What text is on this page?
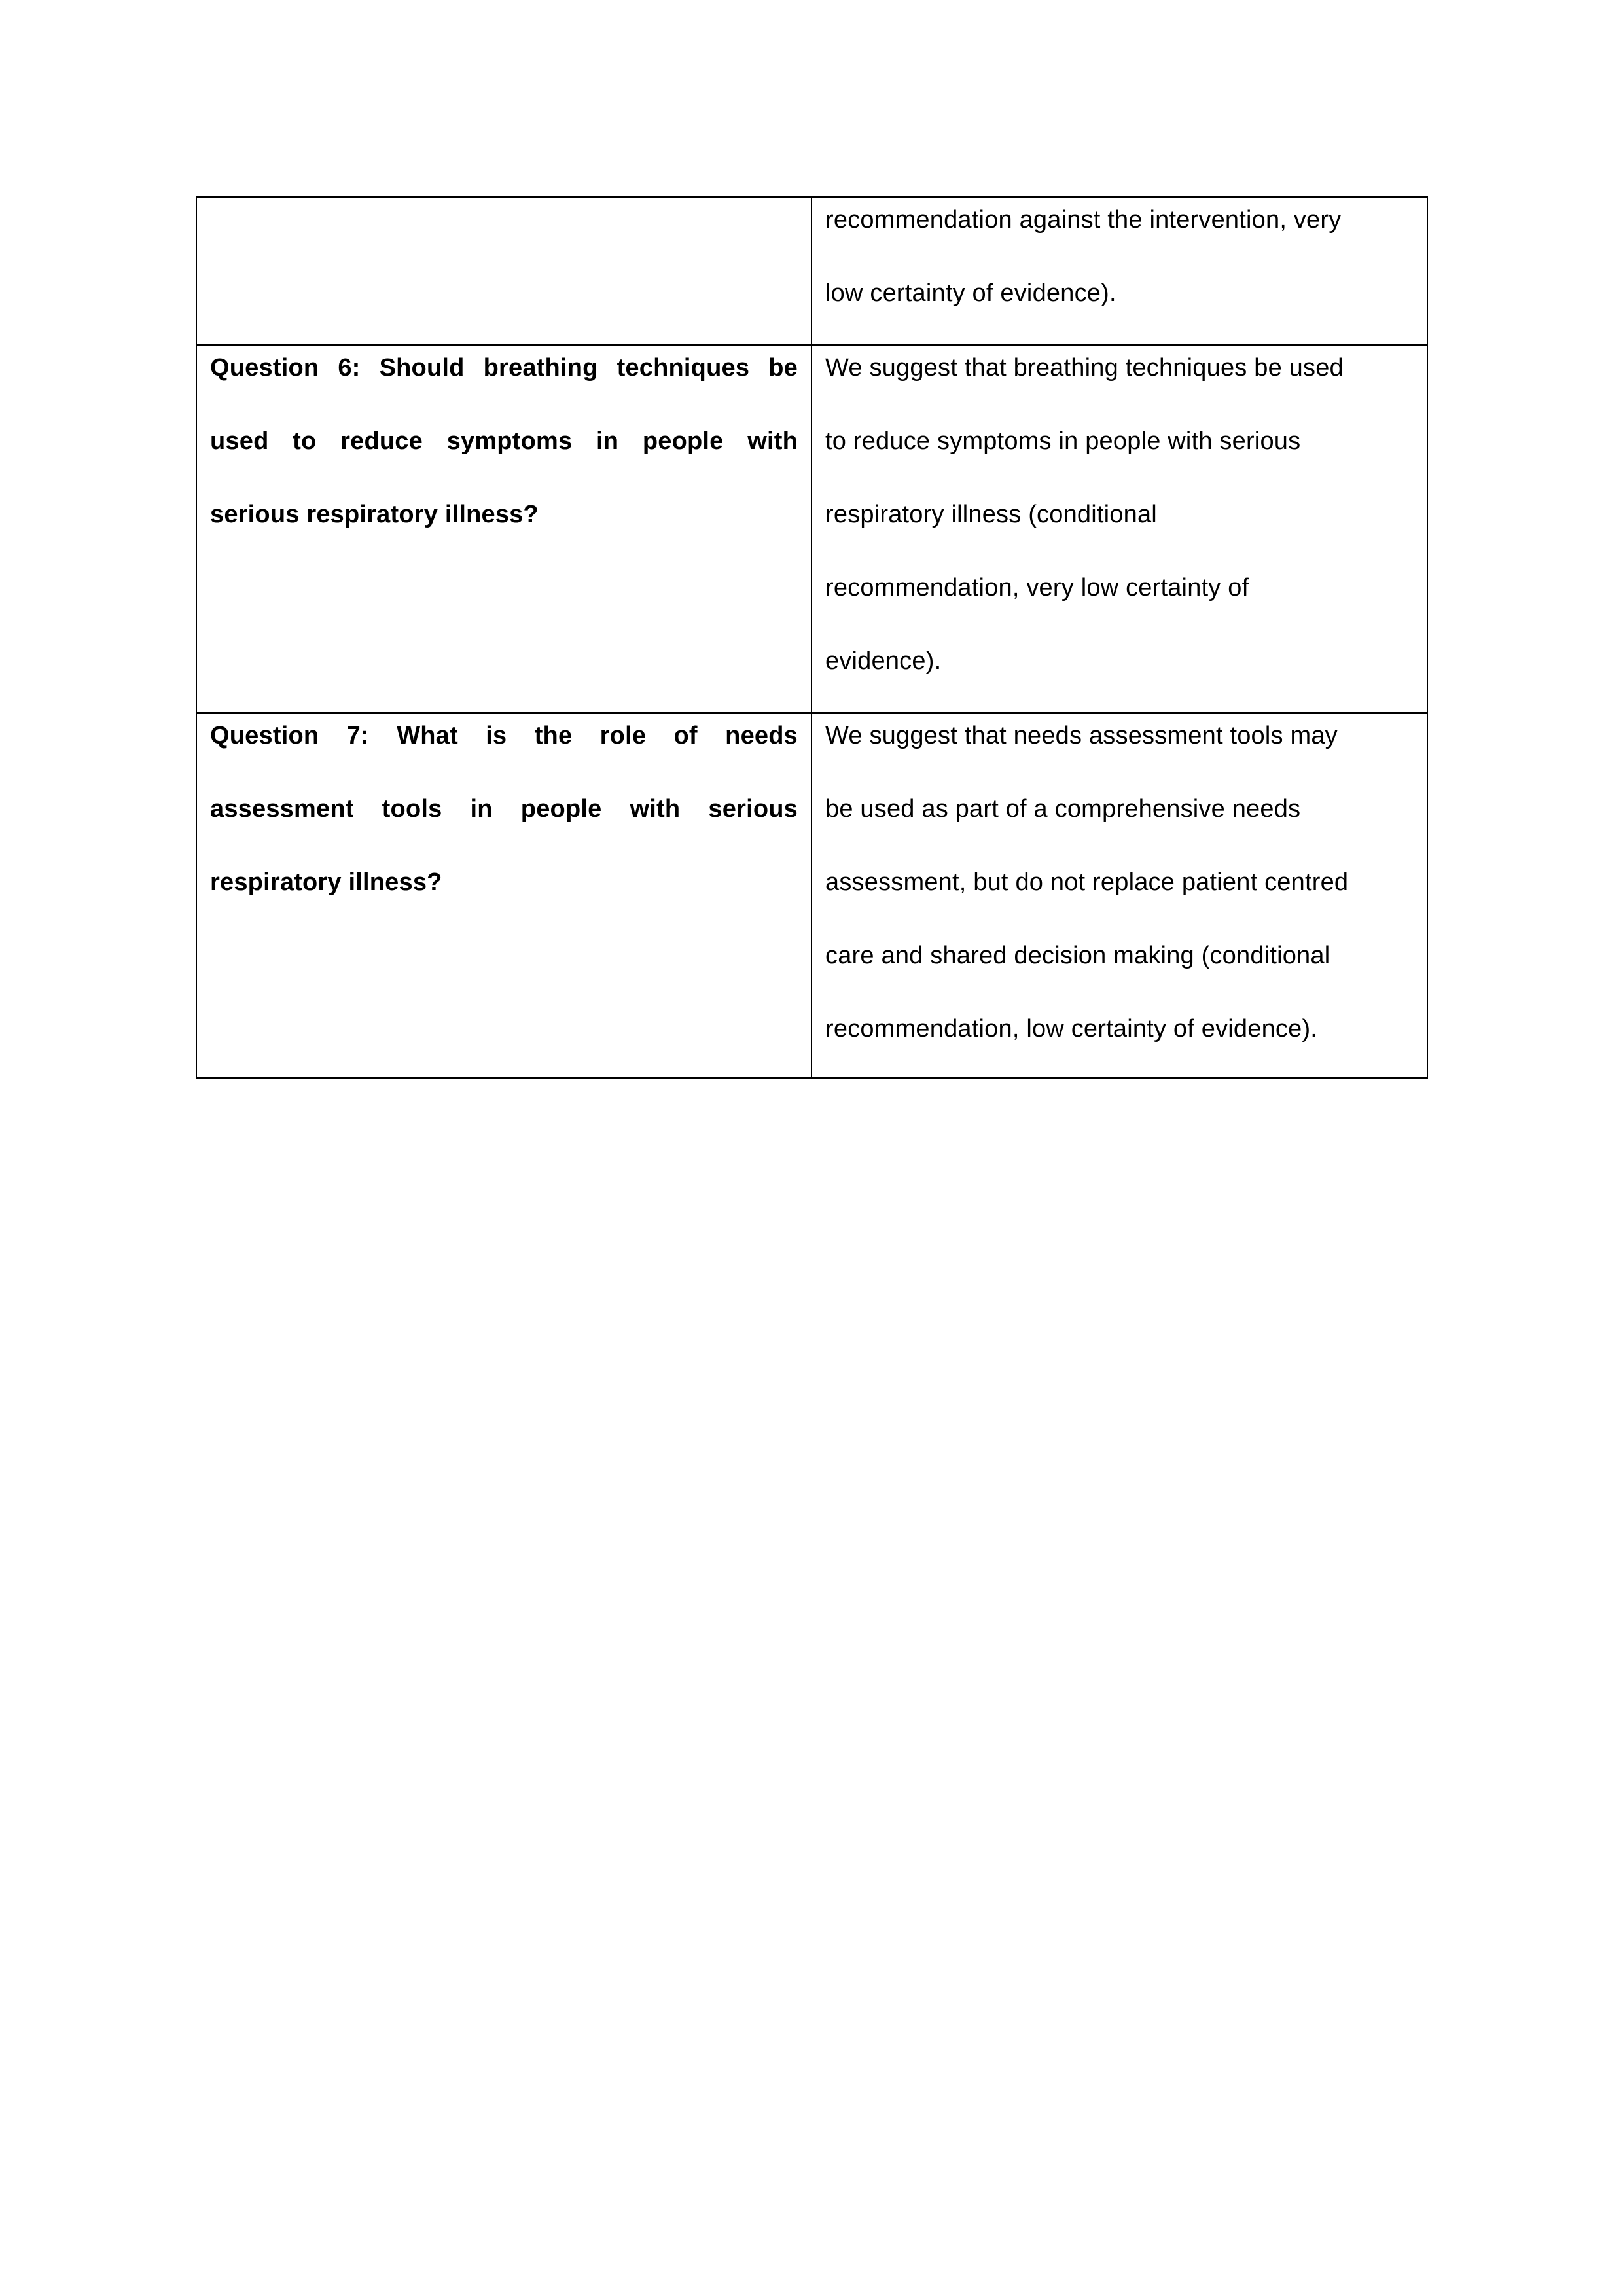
recommendation against the intervention, very
low certainty of evidence).
Question 6: Should breathing techniques be
used to reduce symptoms in people with
serious respiratory illness?
We suggest that breathing techniques be used
to reduce symptoms in people with serious
respiratory illness (conditional
recommendation, very low certainty of
evidence).
Question 7: What is the role of needs
assessment tools in people with serious
respiratory illness?
We suggest that needs assessment tools may
be used as part of a comprehensive needs
assessment, but do not replace patient centred
care and shared decision making (conditional
recommendation, low certainty of evidence).
